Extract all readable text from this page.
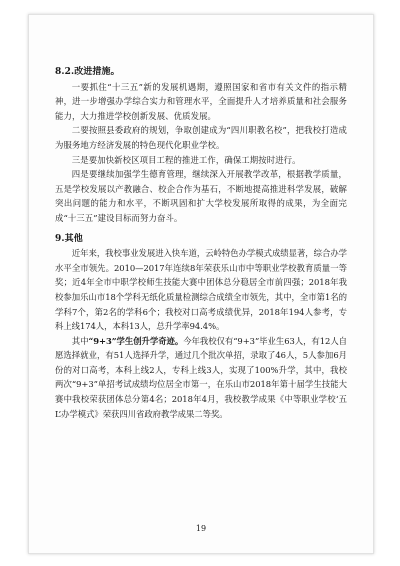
8.2.改进措施。

一要抓住“十三五”新的发展机遇期，遵照国家和省市有关文件的指示精神，进一步增强办学综合实力和管理水平，全面提升人才培养质量和社会服务能力，大力推进学校创新发展、优质发展。

二要按照县委政府的规划，争取创建成为“四川职教名校”，把我校打造成为服务地方经济发展的特色现代化职业学校。

三是要加快新校区项目工程的推进工作，确保工期按时进行。

四是要继续加强学生德育管理，继续深入开展教学改革，根据教学质量，五是学校发展以产教融合、校企合作为基石，不断地提高推进科学发展，破解突出问题的能力和水平，不断巩固和扩大学校发展所取得的成果，为全面完成“十三五”建设目标而努力奋斗。

9.其他

近年来，我校事业发展进入快车道，云岭特色办学模式成绩显著，综合办学水平全市领先。2010—2017年连续8年荣获乐山市中等职业学校教育质量一等奖；近4年全市中职学校师生技能大赛中团体总分稳居全市前四强；2018年我校参加乐山市18个学科无纸化质量检测综合成绩全市领先，其中，全市第1名的学科7个，第2名的学科6个；我校对口高考成绩优异，2018年194人参考，专科上线174人，本科13人，总升学率94.4%。

其中“9+3”学生创升学奇迹。今年我校仅有“9+3”毕业生63人，有12人自愿选择就业，有51人选择升学，通过几个批次单招，录取了46人，5人参加6月份的对口高考，本科上线2人，专科上线3人，实现了100%升学，其中，我校两次“9+3”单招考试成绩均位居全市第一，在乐山市2018年第十届学生技能大赛中我校荣获团体总分第4名；2018年4月，我校教学成果《中等职业学校‘五L’办学模式》荣获四川省政府教学成果二等奖。

19
